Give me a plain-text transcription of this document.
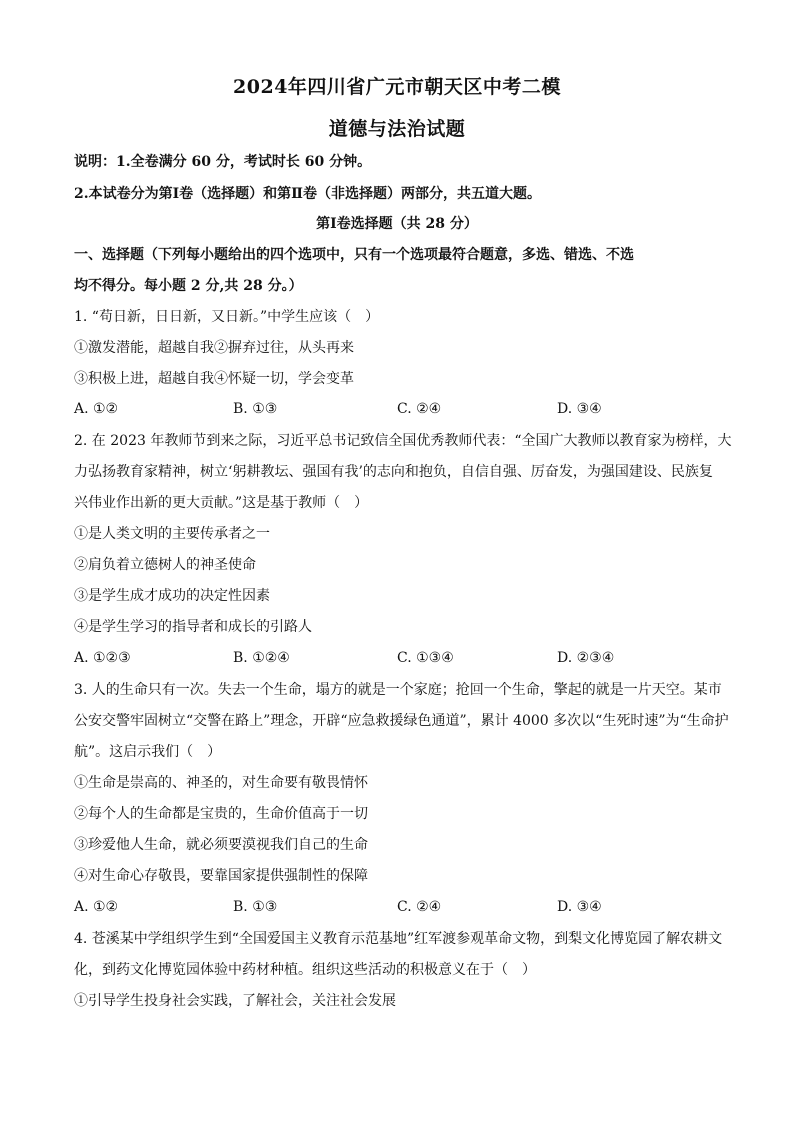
2024年四川省广元市朝天区中考二模
道德与法治试题
说明：1.全卷满分 60 分，考试时长 60 分钟。
2.本试卷分为第Ⅰ卷（选择题）和第Ⅱ卷（非选择题）两部分，共五道大题。
第Ⅰ卷选择题（共 28 分）
一、选择题（下列每小题给出的四个选项中，只有一个选项最符合题意，多选、错选、不选
均不得分。每小题 2 分,共 28 分。）
1. “苟日新，日日新，又日新。”中学生应该（　）
①激发潜能，超越自我②摒弃过往，从头再来
③积极上进，超越自我④怀疑一切，学会变革
A. ①②	B. ①③	C. ②④	D. ③④
2. 在 2023 年教师节到来之际，习近平总书记致信全国优秀教师代表：“全国广大教师以教育家为榜样，大
力弘扬教育家精神，树立‘躬耕教坛、强国有我’的志向和抱负，自信自强、厉奋发，为强国建设、民族复
兴伟业作出新的更大贡献。”这是基于教师（　）
①是人类文明的主要传承者之一
②肩负着立德树人的神圣使命
③是学生成才成功的决定性因素
④是学生学习的指导者和成长的引路人
A. ①②③	B. ①②④	C. ①③④	D. ②③④
3. 人的生命只有一次。失去一个生命，塌方的就是一个家庭；抢回一个生命，擎起的就是一片天空。某市
公安交警牢固树立“交警在路上”理念，开辟“应急救援绿色通道”，累计 4000 多次以“生死时速”为“生命护
航”。这启示我们（　）
①生命是崇高的、神圣的，对生命要有敬畏情怀
②每个人的生命都是宝贵的，生命价值高于一切
③珍爱他人生命，就必须要漠视我们自己的生命
④对生命心存敬畏，要靠国家提供强制性的保障
A. ①②	B. ①③	C. ②④	D. ③④
4. 苍溪某中学组织学生到“全国爱国主义教育示范基地”红军渡参观革命文物，到梨文化博览园了解农耕文
化，到药文化博览园体验中药材种植。组织这些活动的积极意义在于（　）
①引导学生投身社会实践，了解社会，关注社会发展
